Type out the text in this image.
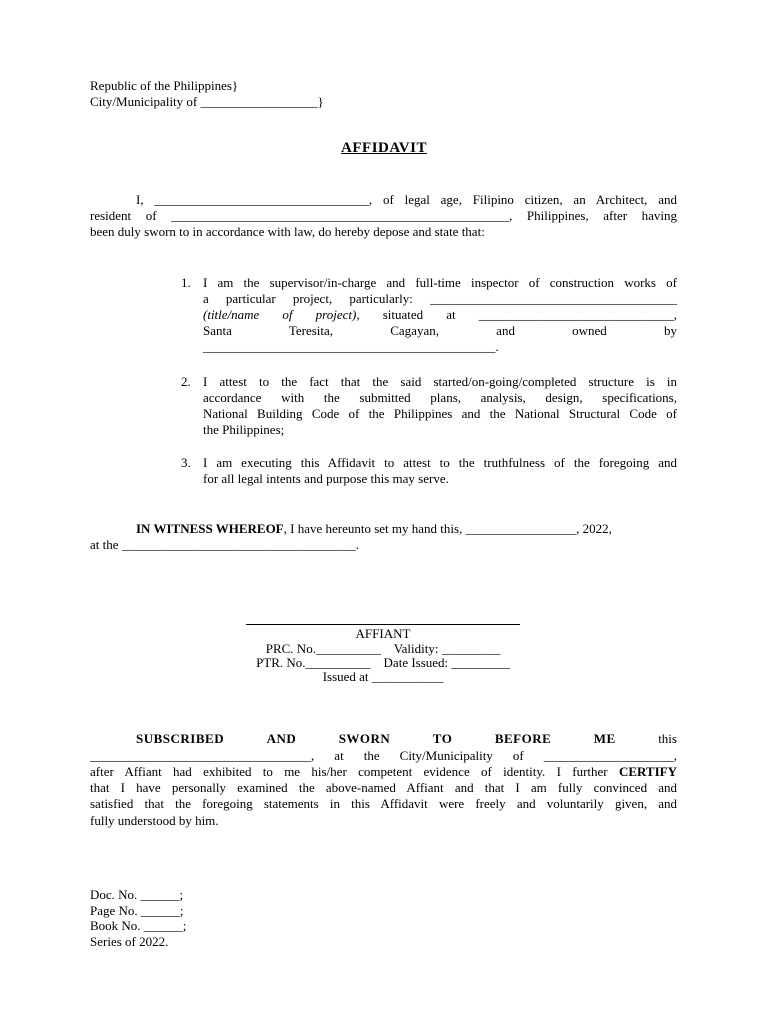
Republic of the Philippines}
City/Municipality of __________________}
AFFIDAVIT
I, _________________________________, of legal age, Filipino citizen, an Architect, and
resident of ____________________________________________________, Philippines, after having
been duly sworn to in accordance with law, do hereby depose and state that:
1. I am the supervisor/in-charge and full-time inspector of construction works of
a particular project, particularly: ______________________________________
(title/name of project), situated at ______________________________,
Santa Teresita, Cagayan, and owned by
_____________________________________________.
2. I attest to the fact that the said started/on-going/completed structure is in
accordance with the submitted plans, analysis, design, specifications,
National Building Code of the Philippines and the National Structural Code of
the Philippines;
3. I am executing this Affidavit to attest to the truthfulness of the foregoing and
for all legal intents and purpose this may serve.
IN WITNESS WHEREOF, I have hereunto set my hand this, _________________, 2022,
at the ____________________________________.
AFFIANT
PRC. No.__________    Validity: _________
PTR. No.__________    Date Issued: _________
Issued at ___________
SUBSCRIBED	AND	SWORN	TO	BEFORE	ME	this
__________________________________, at the City/Municipality of ____________________,
after Affiant had exhibited to me his/her competent evidence of identity. I further CERTIFY
that I have personally examined the above-named Affiant and that I am fully convinced and
satisfied that the foregoing statements in this Affidavit were freely and voluntarily given, and
fully understood by him.
Doc. No. ______;
Page No. ______;
Book No. ______;
Series of 2022.
